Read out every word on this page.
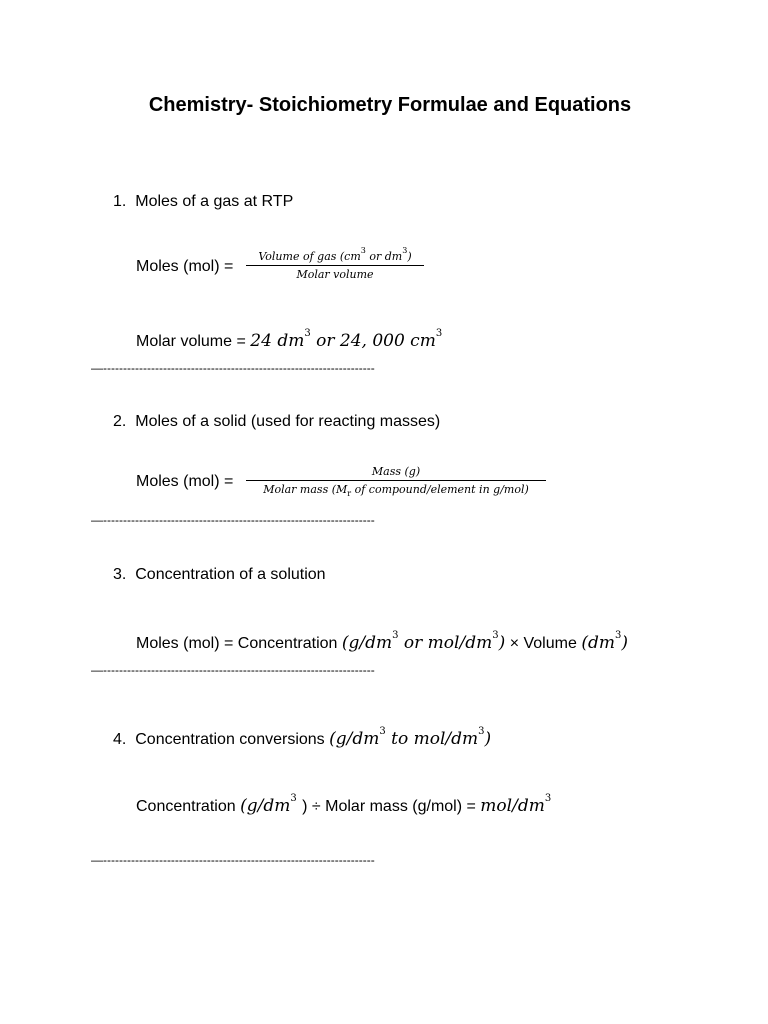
Chemistry- Stoichiometry Formulae and Equations
1. Moles of a gas at RTP
Moles (mol) =
Volume of gas ($cm^3$ or $dm^3$)
Molar volume
Molar volume = 24 $dm^3$ or 24, 000 $cm^3$
—--------------------------------------------------------------------
2. Moles of a solid (used for reacting masses)
Moles (mol) =
Mass (g)
Molar mass ($M_r$ of compound/element in g/mol)
—--------------------------------------------------------------------
3. Concentration of a solution
Moles (mol) = Concentration ($g/dm^3$ or mol/$dm^3$) × Volume $(dm^3)$
—--------------------------------------------------------------------
4. Concentration conversions ($g/dm^3$ to mol/$dm^3$)
Concentration ($g/dm^3$ ) ÷ Molar mass (g/mol) = mol/$dm^3$
—--------------------------------------------------------------------
